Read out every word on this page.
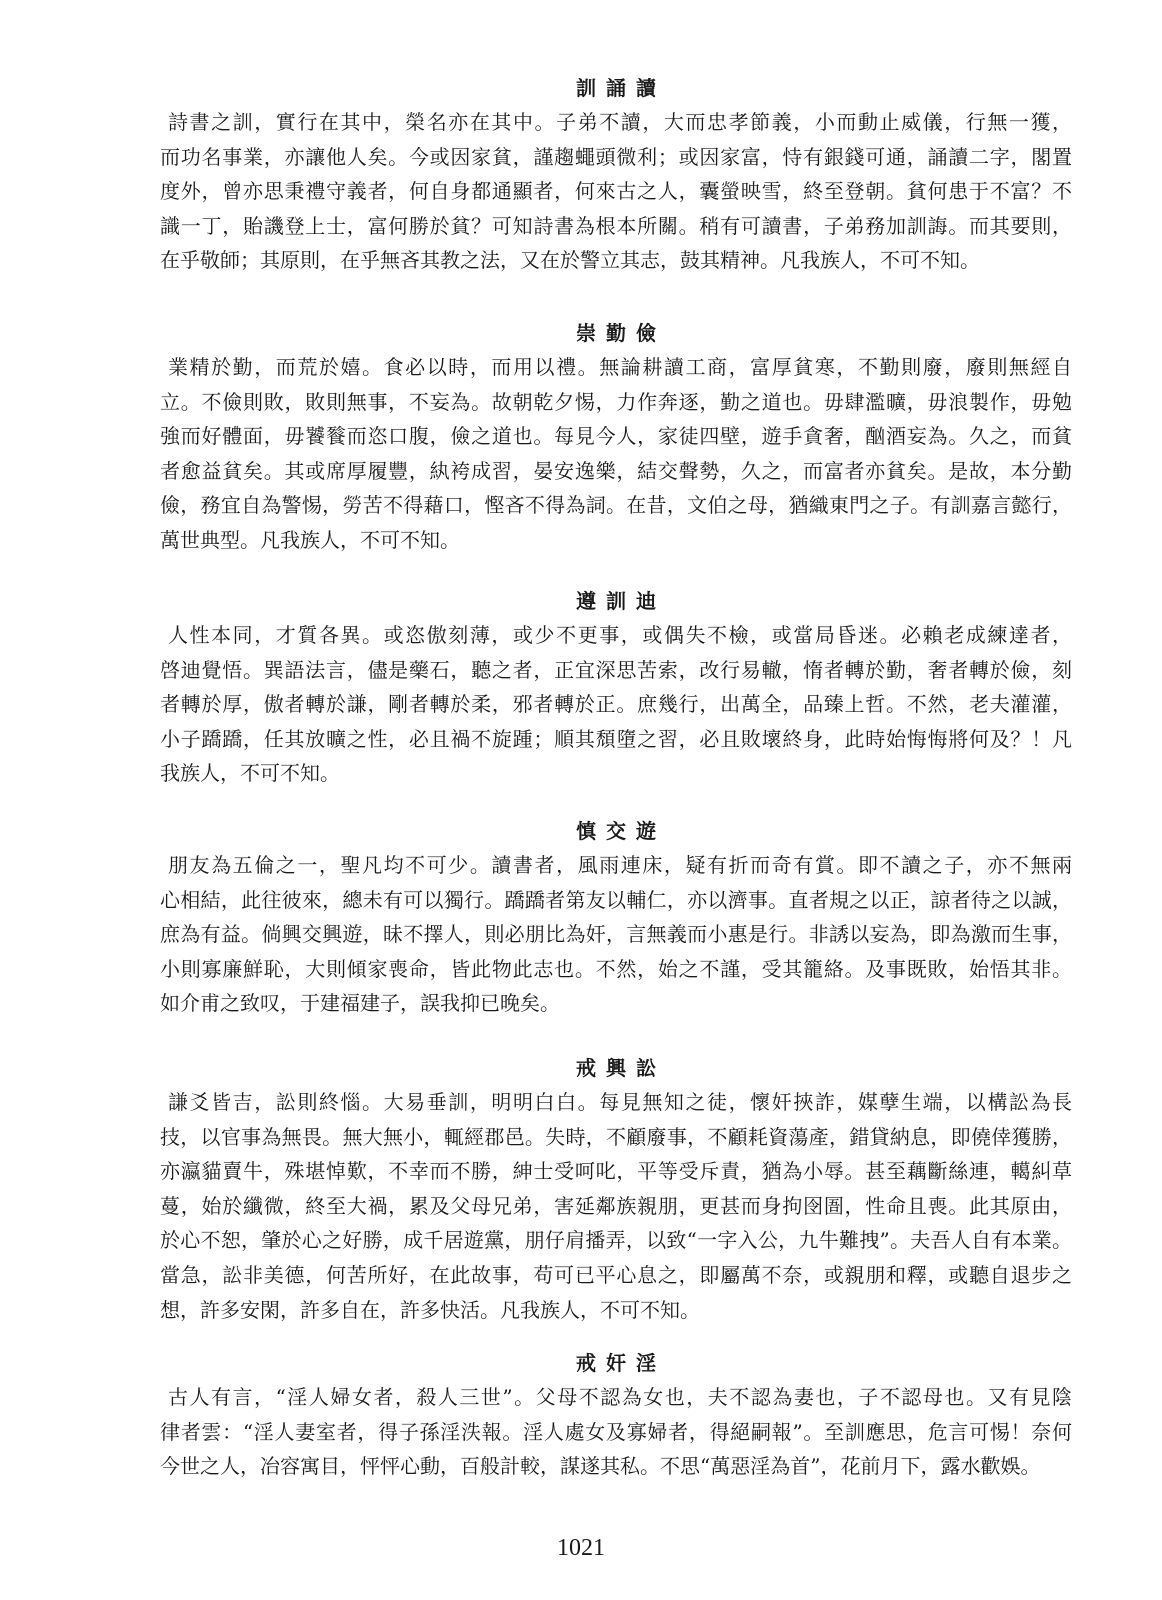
訓誦讀
詩書之訓，實行在其中，榮名亦在其中。子弟不讀，大而忠孝節義，小而動止威儀，行無一獲，
而功名事業，亦讓他人矣。今或因家貧，謹趨蠅頭微利；或因家富，恃有銀錢可通，誦讀二字，閣置
度外，曾亦思秉禮守義者，何自身都通顯者，何來古之人，囊螢映雪，終至登朝。貧何患于不富？不
識一丁，貽譏登上士，富何勝於貧？可知詩書為根本所關。稍有可讀書，子弟務加訓誨。而其要則，
在乎敬師；其原則，在乎無吝其教之法，又在於警立其志，鼓其精神。凡我族人，不可不知。
崇勤儉
業精於勤，而荒於嬉。食必以時，而用以禮。無論耕讀工商，富厚貧寒，不勤則廢，廢則無經自
立。不儉則敗，敗則無事，不妄為。故朝乾夕惕，力作奔逐，勤之道也。毋肆濫曠，毋浪製作，毋勉
強而好體面，毋饕餮而恣口腹，儉之道也。每見今人，家徒四壁，遊手貪奢，酗酒妄為。久之，而貧
者愈益貧矣。其或席厚履豐，紈袴成習，晏安逸樂，結交聲勢，久之，而富者亦貧矣。是故，本分勤
儉，務宜自為警惕，勞苦不得藉口，慳吝不得為詞。在昔，文伯之母，猶織東門之子。有訓嘉言懿行，
萬世典型。凡我族人，不可不知。
遵訓迪
人性本同，才質各異。或恣傲刻薄，或少不更事，或偶失不檢，或當局昏迷。必賴老成練達者，
啓迪覺悟。巽語法言，儘是藥石，聽之者，正宜深思苦索，改行易轍，惰者轉於勤，奢者轉於儉，刻
者轉於厚，傲者轉於謙，剛者轉於柔，邪者轉於正。庶幾行，出萬全，品臻上哲。不然，老夫灌灌，
小子蹻蹻，任其放曠之性，必且禍不旋踵；順其頹墮之習，必且敗壞終身，此時始悔悔將何及？！凡
我族人，不可不知。
慎交遊
朋友為五倫之一，聖凡均不可少。讀書者，風雨連床，疑有折而奇有賞。即不讀之子，亦不無兩
心相結，此往彼來，總未有可以獨行。蹻蹻者第友以輔仁，亦以濟事。直者規之以正，諒者待之以誠，
庶為有益。倘興交興遊，昧不擇人，則必朋比為奸，言無義而小惠是行。非誘以妄為，即為激而生事，
小則寡廉鮮恥，大則傾家喪命，皆此物此志也。不然，始之不謹，受其籠絡。及事既敗，始悟其非。
如介甫之致叹，于建福建子，誤我抑已晚矣。
戒興訟
謙爻皆吉，訟則終惱。大易垂訓，明明白白。每見無知之徒，懷奸挾詐，媒孽生端，以構訟為長
技，以官事為無畏。無大無小，輒經郡邑。失時，不顧廢事，不顧耗資蕩產，錯貸納息，即僥倖獲勝，
亦瀛貓賣牛，殊堪悼歎，不幸而不勝，紳士受呵叱，平等受斥責，猶為小辱。甚至藕斷絲連，轕糾草
蔓，始於纖微，終至大禍，累及父母兄弟，害延鄰族親朋，更甚而身拘囹圄，性命且喪。此其原由，
於心不恕，肇於心之好勝，成千居遊黨，朋仔肩播弄，以致“一字入公，九牛難拽”。夫吾人自有本業。
當急，訟非美德，何苦所好，在此故事，苟可已平心息之，即屬萬不奈，或親朋和釋，或聽自退步之
想，許多安閑，許多自在，許多快活。凡我族人，不可不知。
戒奸淫
古人有言，“淫人婦女者，殺人三世”。父母不認為女也，夫不認為妻也，子不認母也。又有見陰
律者雲：“淫人妻室者，得子孫淫泆報。淫人處女及寡婦者，得絕嗣報”。至訓應思，危言可惕！奈何
今世之人，冶容寓目，怦怦心動，百般計較，謀遂其私。不思“萬惡淫為首”，花前月下，露水歡娛。
1021
